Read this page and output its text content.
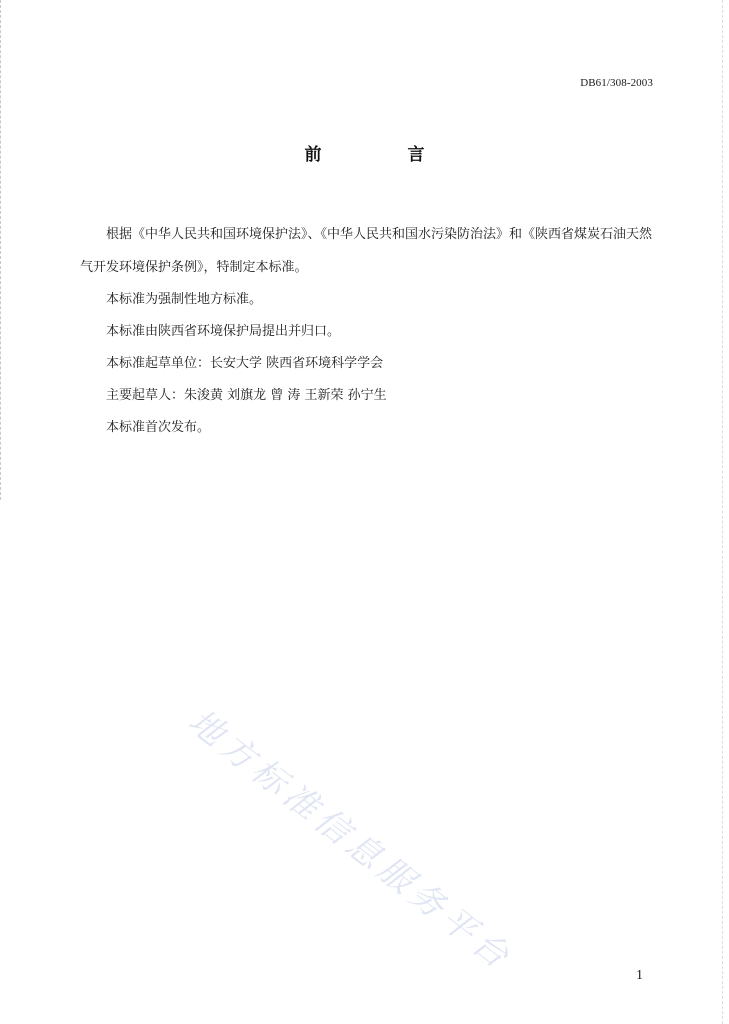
DB61/308-2003
前 言

根据《中华人民共和国环境保护法》、《中华人民共和国水污染防治法》和《陕西省煤炭石油天然气开发环境保护条例》，特制定本标准。

本标准为强制性地方标准。

本标准由陕西省环境保护局提出并归口。

本标准起草单位：长安大学 陕西省环境科学学会

主要起草人：朱浚黄 刘旗龙 曾 涛 王新荣 孙宁生

本标准首次发布。

地方标准信息服务平台	1
